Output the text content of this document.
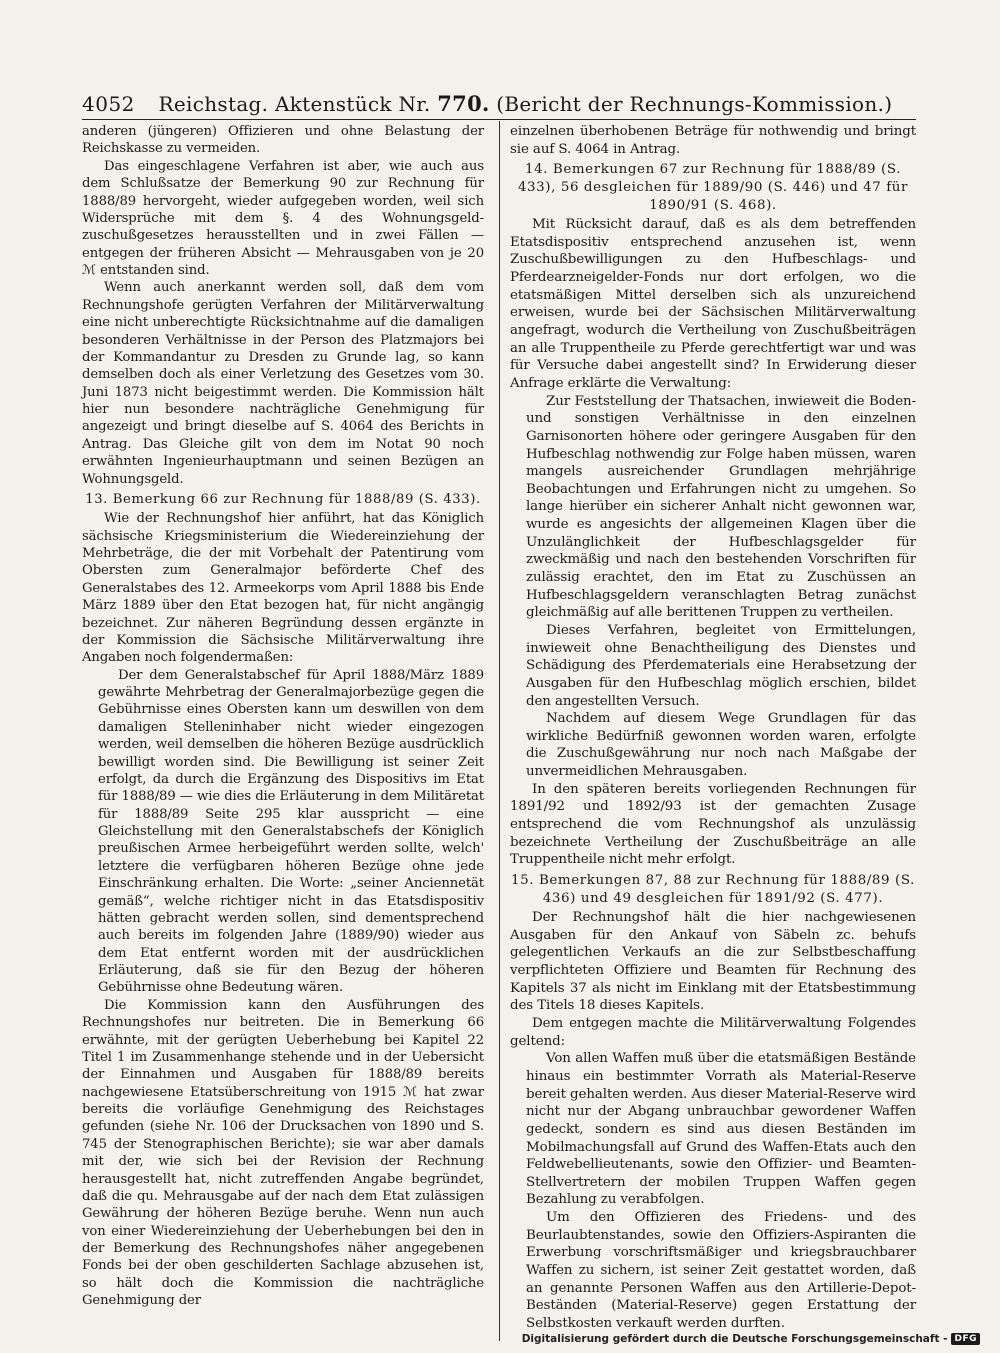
4052	Reichstag. Aktenstück Nr. 770. (Bericht der Rechnungs-Kommission.)

anderen (jüngeren) Offizieren und ohne Belastung der Reichskasse zu vermeiden.

Das eingeschlagene Verfahren ist aber, wie auch aus dem Schlußsatze der Bemerkung 90 zur Rechnung für 1888/89 hervorgeht, wieder aufgegeben worden, weil sich Widersprüche mit dem §. 4 des Wohnungsgeld-zuschußgesetzes herausstellten und in zwei Fällen — entgegen der früheren Absicht — Mehrausgaben von je 20 ℳ entstanden sind.

Wenn auch anerkannt werden soll, daß dem vom Rechnungshofe gerügten Verfahren der Militärverwaltung eine nicht unberechtigte Rücksichtnahme auf die damaligen besonderen Verhältnisse in der Person des Platzmajors bei der Kommandantur zu Dresden zu Grunde lag, so kann demselben doch als einer Verletzung des Gesetzes vom 30. Juni 1873 nicht beigestimmt werden. Die Kommission hält hier nun besondere nachträgliche Genehmigung für angezeigt und bringt dieselbe auf S. 4064 des Berichts in Antrag. Das Gleiche gilt von dem im Notat 90 noch erwähnten Ingenieurhauptmann und seinen Bezügen an Wohnungsgeld.

13. Bemerkung 66 zur Rechnung für 1888/89 (S. 433).

Wie der Rechnungshof hier anführt, hat das Königlich sächsische Kriegsministerium die Wiedereinziehung der Mehrbeträge, die der mit Vorbehalt der Patentirung vom Obersten zum Generalmajor beförderte Chef des Generalstabes des 12. Armeekorps vom April 1888 bis Ende März 1889 über den Etat bezogen hat, für nicht angängig bezeichnet. Zur näheren Begründung dessen ergänzte in der Kommission die Sächsische Militärverwaltung ihre Angaben noch folgendermaßen:

Der dem Generalstabschef für April 1888/März 1889 gewährte Mehrbetrag der Generalmajorbezüge gegen die Gebührnisse eines Obersten kann um deswillen von dem damaligen Stelleninhaber nicht wieder eingezogen werden, weil demselben die höheren Bezüge ausdrücklich bewilligt worden sind. Die Bewilligung ist seiner Zeit erfolgt, da durch die Ergänzung des Dispositivs im Etat für 1888/89 — wie dies die Erläuterung in dem Militäretat für 1888/89 Seite 295 klar ausspricht — eine Gleichstellung mit den Generalstabschefs der Königlich preußischen Armee herbeigeführt werden sollte, welch' letztere die verfügbaren höheren Bezüge ohne jede Einschränkung erhalten. Die Worte: „seiner Anciennetät gemäß“, welche richtiger nicht in das Etatsdispositiv hätten gebracht werden sollen, sind dementsprechend auch bereits im folgenden Jahre (1889/90) wieder aus dem Etat entfernt worden mit der ausdrücklichen Erläuterung, daß sie für den Bezug der höheren Gebührnisse ohne Bedeutung wären.

Die Kommission kann den Ausführungen des Rechnungshofes nur beitreten. Die in Bemerkung 66 erwähnte, mit der gerügten Ueberhebung bei Kapitel 22 Titel 1 im Zusammenhange stehende und in der Uebersicht der Einnahmen und Ausgaben für 1888/89 bereits nachgewiesene Etatsüberschreitung von 1915 ℳ hat zwar bereits die vorläufige Genehmigung des Reichstages gefunden (siehe Nr. 106 der Drucksachen von 1890 und S. 745 der Stenographischen Berichte); sie war aber damals mit der, wie sich bei der Revision der Rechnung herausgestellt hat, nicht zutreffenden Angabe begründet, daß die qu. Mehrausgabe auf der nach dem Etat zulässigen Gewährung der höheren Bezüge beruhe. Wenn nun auch von einer Wiedereinziehung der Ueberhebungen bei den in der Bemerkung des Rechnungshofes näher angegebenen Fonds bei der oben geschilderten Sachlage abzusehen ist, so hält doch die Kommission die nachträgliche Genehmigung der

einzelnen überhobenen Beträge für nothwendig und bringt sie auf S. 4064 in Antrag.

14. Bemerkungen 67 zur Rechnung für 1888/89 (S. 433), 56 desgleichen für 1889/90 (S. 446) und 47 für 1890/91 (S. 468).

Mit Rücksicht darauf, daß es als dem betreffenden Etatsdispositiv entsprechend anzusehen ist, wenn Zuschußbewilligungen zu den Hufbeschlags- und Pferdearzneigelder-Fonds nur dort erfolgen, wo die etatsmäßigen Mittel derselben sich als unzureichend erweisen, wurde bei der Sächsischen Militärverwaltung angefragt, wodurch die Vertheilung von Zuschußbeiträgen an alle Truppentheile zu Pferde gerechtfertigt war und was für Versuche dabei angestellt sind? In Erwiderung dieser Anfrage erklärte die Verwaltung:

Zur Feststellung der Thatsachen, inwieweit die Boden- und sonstigen Verhältnisse in den einzelnen Garnisonorten höhere oder geringere Ausgaben für den Hufbeschlag nothwendig zur Folge haben müssen, waren mangels ausreichender Grundlagen mehrjährige Beobachtungen und Erfahrungen nicht zu umgehen. So lange hierüber ein sicherer Anhalt nicht gewonnen war, wurde es angesichts der allgemeinen Klagen über die Unzulänglichkeit der Hufbeschlagsgelder für zweckmäßig und nach den bestehenden Vorschriften für zulässig erachtet, den im Etat zu Zuschüssen an Hufbeschlagsgeldern veranschlagten Betrag zunächst gleichmäßig auf alle berittenen Truppen zu vertheilen.

Dieses Verfahren, begleitet von Ermittelungen, inwieweit ohne Benachtheiligung des Dienstes und Schädigung des Pferdematerials eine Herabsetzung der Ausgaben für den Hufbeschlag möglich erschien, bildet den angestellten Versuch.

Nachdem auf diesem Wege Grundlagen für das wirkliche Bedürfniß gewonnen worden waren, erfolgte die Zuschußgewährung nur noch nach Maßgabe der unvermeidlichen Mehrausgaben.

In den späteren bereits vorliegenden Rechnungen für 1891/92 und 1892/93 ist der gemachten Zusage entsprechend die vom Rechnungshof als unzulässig bezeichnete Vertheilung der Zuschußbeiträge an alle Truppentheile nicht mehr erfolgt.

15. Bemerkungen 87, 88 zur Rechnung für 1888/89 (S. 436) und 49 desgleichen für 1891/92 (S. 477).

Der Rechnungshof hält die hier nachgewiesenen Ausgaben für den Ankauf von Säbeln zc. behufs gelegentlichen Verkaufs an die zur Selbstbeschaffung verpflichteten Offiziere und Beamten für Rechnung des Kapitels 37 als nicht im Einklang mit der Etatsbestimmung des Titels 18 dieses Kapitels.

Dem entgegen machte die Militärverwaltung Folgendes geltend:

Von allen Waffen muß über die etatsmäßigen Bestände hinaus ein bestimmter Vorrath als Material-Reserve bereit gehalten werden. Aus dieser Material-Reserve wird nicht nur der Abgang unbrauchbar gewordener Waffen gedeckt, sondern es sind aus diesen Beständen im Mobilmachungsfall auf Grund des Waffen-Etats auch den Feldwebellieutenants, sowie den Offizier- und Beamten-Stellvertretern der mobilen Truppen Waffen gegen Bezahlung zu verabfolgen.

Um den Offizieren des Friedens- und des Beurlaubtenstandes, sowie den Offiziers-Aspiranten die Erwerbung vorschriftsmäßiger und kriegsbrauchbarer Waffen zu sichern, ist seiner Zeit gestattet worden, daß an genannte Personen Waffen aus den Artillerie-Depot-Beständen (Material-Reserve) gegen Erstattung der Selbstkosten verkauft werden durften.

Digitalisierung gefördert durch die Deutsche Forschungsgemeinschaft - DFG
